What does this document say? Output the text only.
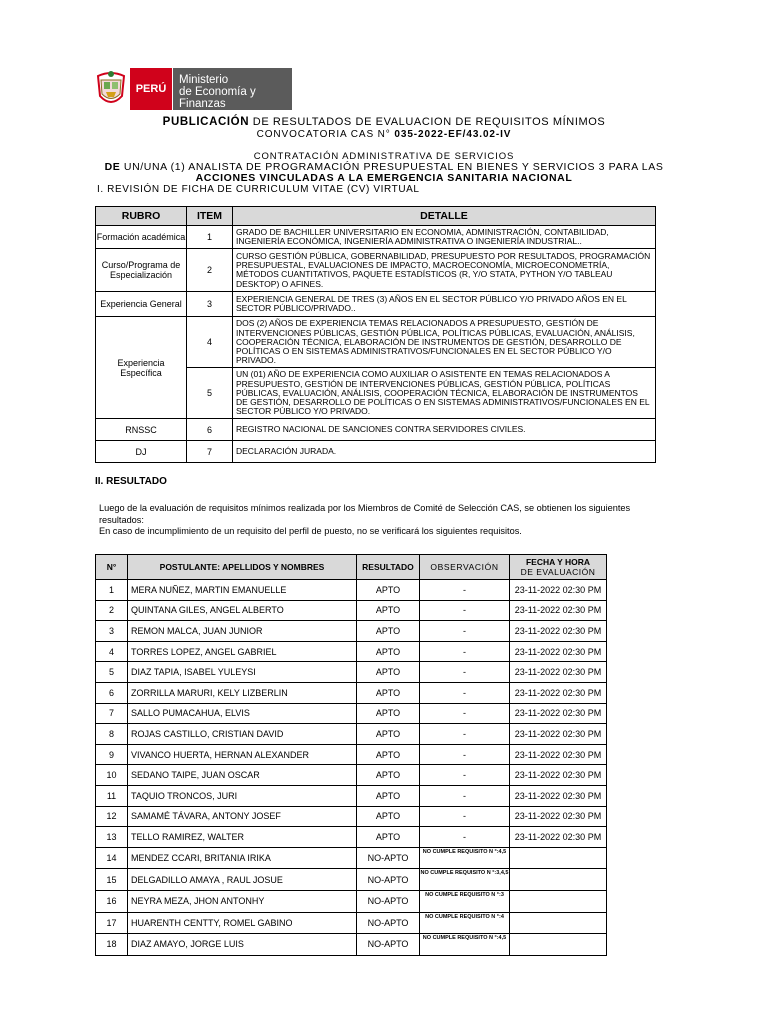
PERÚ
Ministerio
de Economía y Finanzas
PUBLICACIÓN DE RESULTADOS DE EVALUACION DE REQUISITOS MÍNIMOS
CONVOCATORIA CAS N° 035-2022-EF/43.02-IV
CONTRATACIÓN ADMINISTRATIVA DE SERVICIOS
DE UN/UNA (1) ANALISTA DE PROGRAMACIÓN PRESUPUESTAL EN BIENES Y SERVICIOS 3 PARA LAS
ACCIONES VINCULADAS A LA EMERGENCIA SANITARIA NACIONAL
I. REVISIÓN DE FICHA DE CURRICULUM VITAE (CV) VIRTUAL
RUBRO	ITEM	DETALLE
Formación académica	1	GRADO DE BACHILLER UNIVERSITARIO EN ECONOMIA, ADMINISTRACIÓN, CONTABILIDAD, INGENIERÍA ECONÓMICA, INGENIERÍA ADMINISTRATIVA O INGENIERÍA INDUSTRIAL..
Curso/Programa de Especialización	2	CURSO GESTIÓN PÚBLICA, GOBERNABILIDAD, PRESUPUESTO POR RESULTADOS, PROGRAMACIÓN PRESUPUESTAL, EVALUACIONES DE IMPACTO, MACROECONOMÍA, MICROECONOMETRÍA, MÉTODOS CUANTITATIVOS, PAQUETE ESTADÍSTICOS (R, Y/O STATA, PYTHON Y/O TABLEAU DESKTOP) O AFINES.
Experiencia General	3	EXPERIENCIA GENERAL DE TRES (3) AÑOS EN EL SECTOR PÚBLICO Y/O PRIVADO AÑOS EN EL SECTOR PÚBLICO/PRIVADO..
Experiencia Específica	4	DOS (2) AÑOS DE EXPERIENCIA TEMAS RELACIONADOS A PRESUPUESTO, GESTIÓN DE INTERVENCIONES PÚBLICAS, GESTIÓN PÚBLICA, POLÍTICAS PÚBLICAS, EVALUACIÓN, ANÁLISIS, COOPERACIÓN TÉCNICA, ELABORACIÓN DE INSTRUMENTOS DE GESTIÓN, DESARROLLO DE POLÍTICAS O EN SISTEMAS ADMINISTRATIVOS/FUNCIONALES EN EL SECTOR PÚBLICO Y/O PRIVADO.
	5	UN (01) AÑO DE EXPERIENCIA COMO AUXILIAR O ASISTENTE EN TEMAS RELACIONADOS A PRESUPUESTO, GESTIÓN DE INTERVENCIONES PÚBLICAS, GESTIÓN PÚBLICA, POLÍTICAS PÚBLICAS, EVALUACIÓN, ANÁLISIS, COOPERACIÓN TÉCNICA, ELABORACIÓN DE INSTRUMENTOS DE GESTIÓN, DESARROLLO DE POLÍTICAS O EN SISTEMAS ADMINISTRATIVOS/FUNCIONALES EN EL SECTOR PÚBLICO Y/O PRIVADO.
RNSSC	6	REGISTRO NACIONAL DE SANCIONES CONTRA SERVIDORES CIVILES.
DJ	7	DECLARACIÓN JURADA.
II. RESULTADO
Luego de la evaluación de requisitos mínimos realizada por los Miembros de Comité de Selección CAS, se obtienen los siguientes resultados:
En caso de incumplimiento de un requisito del perfil de puesto, no se verificará los siguientes requisitos.
N°	POSTULANTE: APELLIDOS Y NOMBRES	RESULTADO	OBSERVACIÓN	FECHA Y HORA
DE EVALUACIÓN

1	MERA NUÑEZ, MARTIN EMANUELLE	APTO	-	23-11-2022 02:30 PM
2	QUINTANA GILES, ANGEL ALBERTO	APTO	-	23-11-2022 02:30 PM
3	REMON MALCA, JUAN JUNIOR	APTO	-	23-11-2022 02:30 PM
4	TORRES LOPEZ, ANGEL GABRIEL	APTO	-	23-11-2022 02:30 PM
5	DIAZ TAPIA, ISABEL YULEYSI	APTO	-	23-11-2022 02:30 PM
6	ZORRILLA MARURI, KELY LIZBERLIN	APTO	-	23-11-2022 02:30 PM
7	SALLO PUMACAHUA, ELVIS	APTO	-	23-11-2022 02:30 PM
8	ROJAS CASTILLO, CRISTIAN DAVID	APTO	-	23-11-2022 02:30 PM
9	VIVANCO HUERTA, HERNAN ALEXANDER	APTO	-	23-11-2022 02:30 PM
10	SEDANO TAIPE, JUAN OSCAR	APTO	-	23-11-2022 02:30 PM
11	TAQUIO TRONCOS, JURI	APTO	-	23-11-2022 02:30 PM
12	SAMAMÉ TÁVARA, ANTONY JOSEF	APTO	-	23-11-2022 02:30 PM
13	TELLO RAMIREZ, WALTER	APTO	-	23-11-2022 02:30 PM
14	MENDEZ CCARI, BRITANIA IRIKA	NO-APTO	NO CUMPLE REQUISITO N °:4,5	
15	DELGADILLO AMAYA , RAUL JOSUE	NO-APTO	NO CUMPLE REQUISITO N °:3,4,5	
16	NEYRA MEZA, JHON ANTONHY	NO-APTO	NO CUMPLE REQUISITO N °:3	
17	HUARENTH CENTTY, ROMEL GABINO	NO-APTO	NO CUMPLE REQUISITO N °:4	
18	DIAZ AMAYO, JORGE LUIS	NO-APTO	NO CUMPLE REQUISITO N °:4,5	
